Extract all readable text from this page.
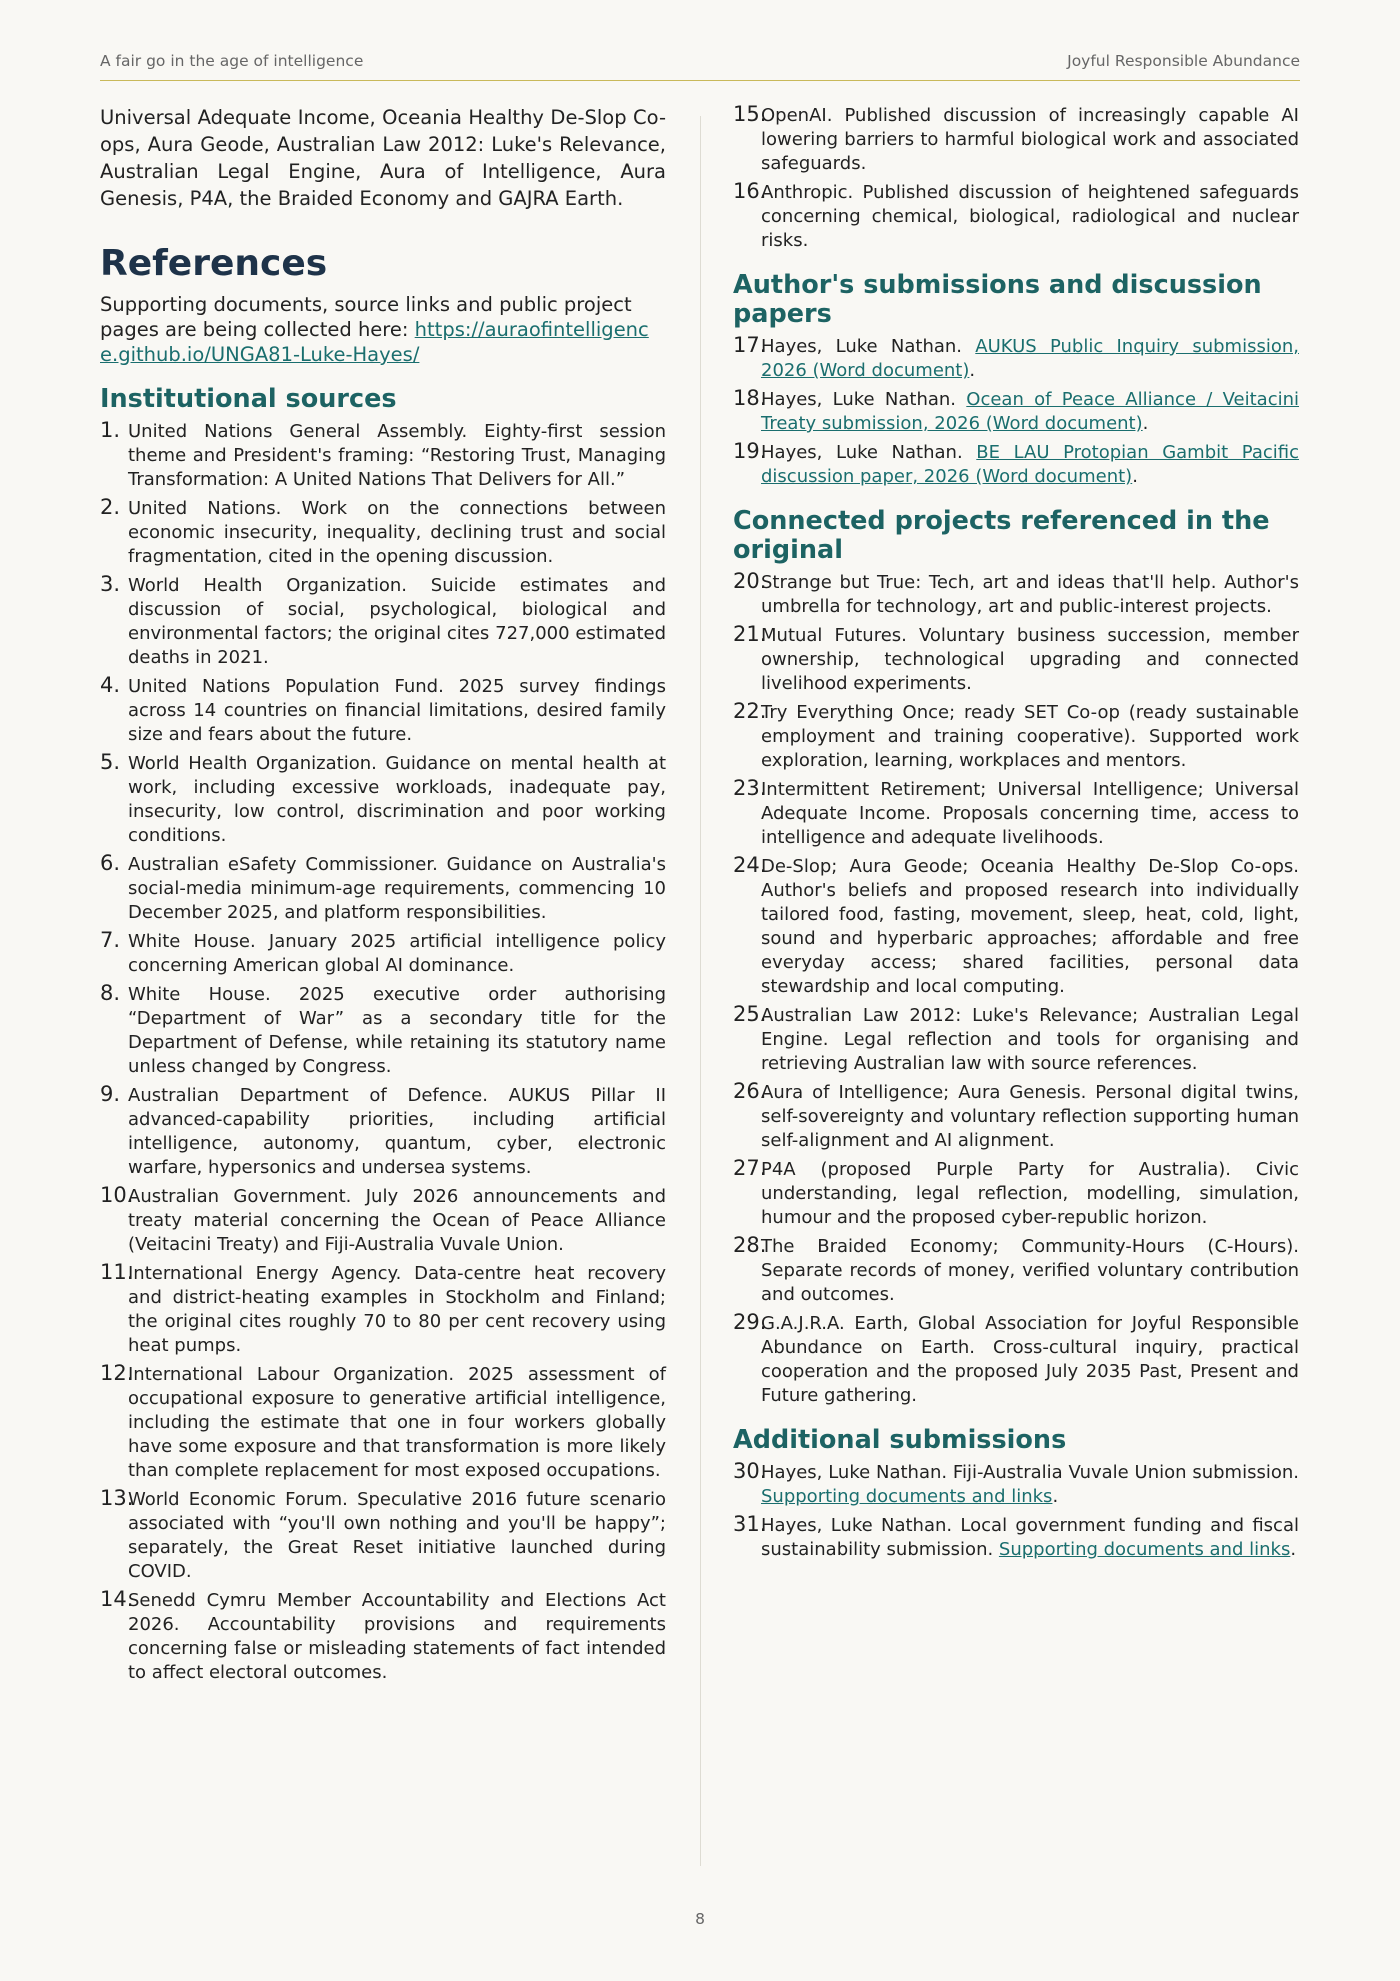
A fair go in the age of intelligence	Joyful Responsible Abundance

Universal Adequate Income, Oceania Healthy De-Slop Co-ops, Aura Geode, Australian Law 2012: Luke's Relevance, Australian Legal Engine, Aura of Intelligence, Aura Genesis, P4A, the Braided Economy and GAJRA Earth.

References

Supporting documents, source links and public project pages are being collected here: https://auraofintelligence.github.io/UNGA81-Luke-Hayes/

Institutional sources
1. United Nations General Assembly. Eighty-first session theme and President's framing: “Restoring Trust, Managing Transformation: A United Nations That Delivers for All.”
2. United Nations. Work on the connections between economic insecurity, inequality, declining trust and social fragmentation, cited in the opening discussion.
3. World Health Organization. Suicide estimates and discussion of social, psychological, biological and environmental factors; the original cites 727,000 estimated deaths in 2021.
4. United Nations Population Fund. 2025 survey findings across 14 countries on financial limitations, desired family size and fears about the future.
5. World Health Organization. Guidance on mental health at work, including excessive workloads, inadequate pay, insecurity, low control, discrimination and poor working conditions.
6. Australian eSafety Commissioner. Guidance on Australia's social-media minimum-age requirements, commencing 10 December 2025, and platform responsibilities.
7. White House. January 2025 artificial intelligence policy concerning American global AI dominance.
8. White House. 2025 executive order authorising “Department of War” as a secondary title for the Department of Defense, while retaining its statutory name unless changed by Congress.
9. Australian Department of Defence. AUKUS Pillar II advanced-capability priorities, including artificial intelligence, autonomy, quantum, cyber, electronic warfare, hypersonics and undersea systems.
10.
Australian Government. July 2026 announcements and treaty material concerning the Ocean of Peace Alliance (Veitacini Treaty) and Fiji-Australia Vuvale Union.
11.
International Energy Agency. Data-centre heat recovery and district-heating examples in Stockholm and Finland; the original cites roughly 70 to 80 per cent recovery using heat pumps.
12.
International Labour Organization. 2025 assessment of occupational exposure to generative artificial intelligence, including the estimate that one in four workers globally have some exposure and that transformation is more likely than complete replacement for most exposed occupations.
13.
World Economic Forum. Speculative 2016 future scenario associated with “you'll own nothing and you'll be happy”; separately, the Great Reset initiative launched during COVID.
14.
Senedd Cymru Member Accountability and Elections Act 2026. Accountability provisions and requirements concerning false or misleading statements of fact intended to affect electoral outcomes.
15.
OpenAI. Published discussion of increasingly capable AI lowering barriers to harmful biological work and associated safeguards.
16.
Anthropic. Published discussion of heightened safeguards concerning chemical, biological, radiological and nuclear risks.
Author's submissions and discussion papers
17.
Hayes, Luke Nathan. AUKUS Public Inquiry submission, 2026 (Word document).
18.
Hayes, Luke Nathan. Ocean of Peace Alliance / Veitacini Treaty submission, 2026 (Word document).
19.
Hayes, Luke Nathan. BE LAU Protopian Gambit Pacific discussion paper, 2026 (Word document).
Connected projects referenced in the original
20.
Strange but True: Tech, art and ideas that'll help. Author's umbrella for technology, art and public-interest projects.
21.
Mutual Futures. Voluntary business succession, member ownership, technological upgrading and connected livelihood experiments.
22.
Try Everything Once; ready SET Co-op (ready sustainable employment and training cooperative). Supported work exploration, learning, workplaces and mentors.
23.
Intermittent Retirement; Universal Intelligence; Universal Adequate Income. Proposals concerning time, access to intelligence and adequate livelihoods.
24.
De-Slop; Aura Geode; Oceania Healthy De-Slop Co-ops. Author's beliefs and proposed research into individually tailored food, fasting, movement, sleep, heat, cold, light, sound and hyperbaric approaches; affordable and free everyday access; shared facilities, personal data stewardship and local computing.
25.
Australian Law 2012: Luke's Relevance; Australian Legal Engine. Legal reflection and tools for organising and retrieving Australian law with source references.
26.
Aura of Intelligence; Aura Genesis. Personal digital twins, self-sovereignty and voluntary reflection supporting human self-alignment and AI alignment.
27.
P4A (proposed Purple Party for Australia). Civic understanding, legal reflection, modelling, simulation, humour and the proposed cyber-republic horizon.
28.
The Braided Economy; Community-Hours (C-Hours). Separate records of money, verified voluntary contribution and outcomes.
29.
G.A.J.R.A. Earth, Global Association for Joyful Responsible Abundance on Earth. Cross-cultural inquiry, practical cooperation and the proposed July 2035 Past, Present and Future gathering.
Additional submissions
30.
Hayes, Luke Nathan. Fiji-Australia Vuvale Union submission. Supporting documents and links.
31.
Hayes, Luke Nathan. Local government funding and fiscal sustainability submission. Supporting documents and links.
8
